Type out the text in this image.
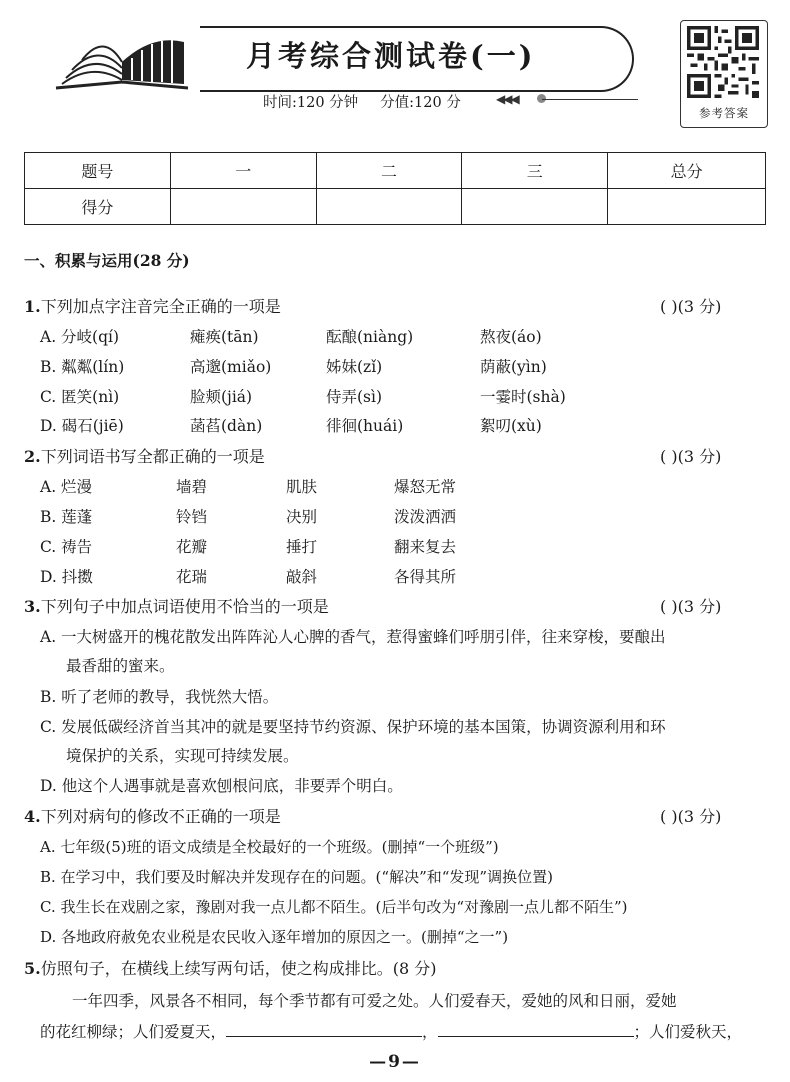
月考综合测试卷(一)
时间:120 分钟 分值:120 分	◀◀◀
参考答案
题号	一	二	三	总分
得分				
一、积累与运用(28 分)
1.下列加点字注音完全正确的一项是	( )(3 分)
A. 分岐(qí)	瘫痪(tān)	酝酿(niàng)	熬夜(áo)
B. 粼粼(lín)	高邈(miǎo)	姊妹(zǐ)	荫蔽(yìn)
C. 匿笑(nì)	脸颊(jiá)	侍弄(sì)	一霎时(shà)
D. 碣石(jiē)	菡萏(dàn)	徘徊(huái)	絮叨(xù)
2.下列词语书写全都正确的一项是	( )(3 分)
A. 烂漫	墙碧	肌肤	爆怒无常
B. 莲蓬	铃铛	决别	泼泼洒洒
C. 祷告	花瓣	捶打	翻来复去
D. 抖擞	花瑞	敲斜	各得其所
3.下列句子中加点词语使用不恰当的一项是	( )(3 分)
A. 一大树盛开的槐花散发出阵阵沁人心脾的香气，惹得蜜蜂们呼朋引伴，往来穿梭，要酿出
最香甜的蜜来。
B. 听了老师的教导，我恍然大悟。
C. 发展低碳经济首当其冲的就是要坚持节约资源、保护环境的基本国策，协调资源利用和环
境保护的关系，实现可持续发展。
D. 他这个人遇事就是喜欢刨根问底，非要弄个明白。
4.下列对病句的修改不正确的一项是	( )(3 分)
A. 七年级(5)班的语文成绩是全校最好的一个班级。(删掉“一个班级”)
B. 在学习中，我们要及时解决并发现存在的问题。(“解决”和“发现”调换位置)
C. 我生长在戏剧之家，豫剧对我一点儿都不陌生。(后半句改为“对豫剧一点儿都不陌生”)
D. 各地政府赦免农业税是农民收入逐年增加的原因之一。(删掉“之一”)
5.仿照句子，在横线上续写两句话，使之构成排比。(8 分)
一年四季，风景各不相同，每个季节都有可爱之处。人们爱春天，爱她的风和日丽，爱她
的花红柳绿；人们爱夏天，	，	；人们爱秋天，
—9—
